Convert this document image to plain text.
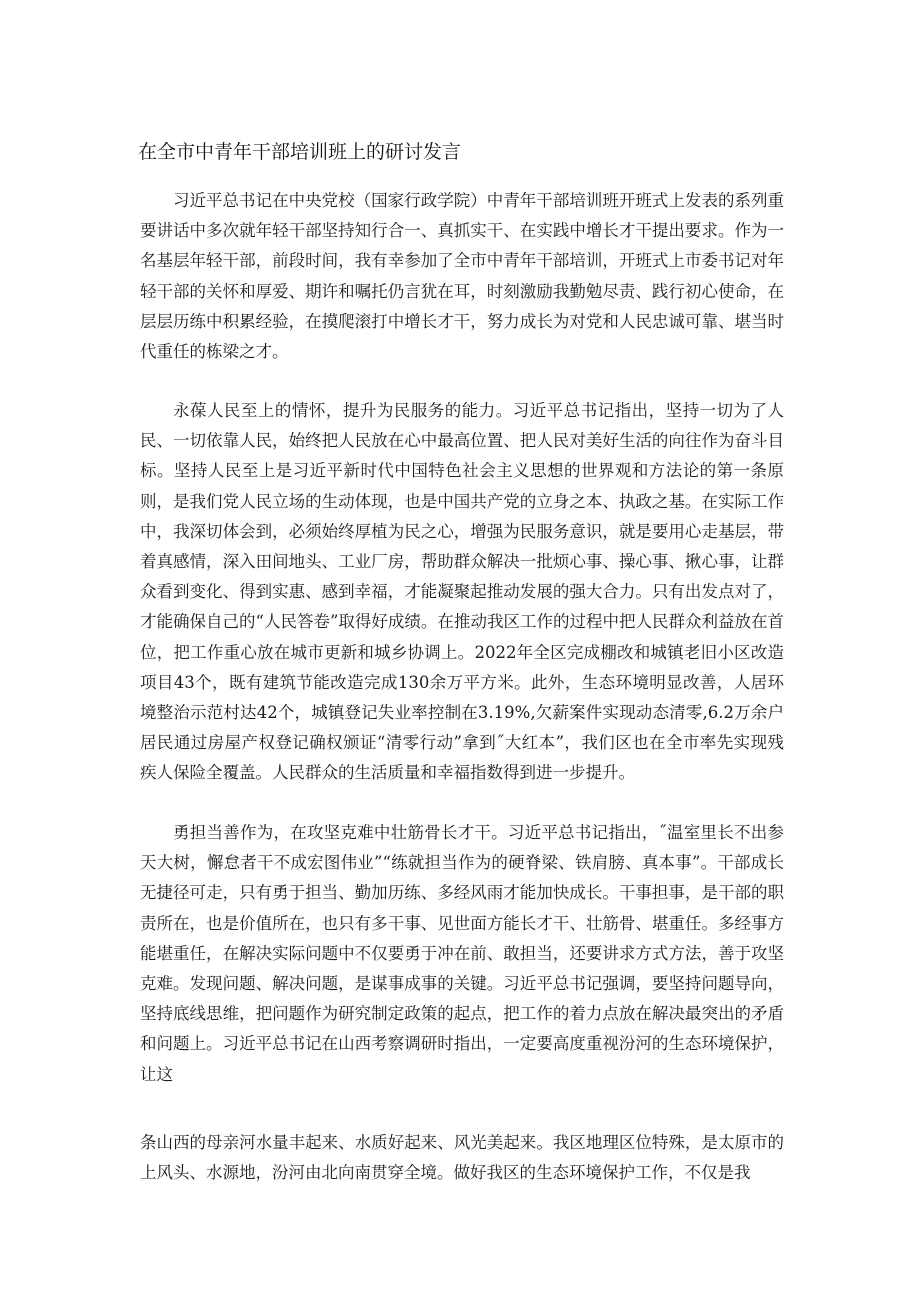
在全市中青年干部培训班上的研讨发言

习近平总书记在中央党校（国家行政学院）中青年干部培训班开班式上发表的系列重要讲话中多次就年轻干部坚持知行合一、真抓实干、在实践中增长才干提出要求。作为一名基层年轻干部，前段时间，我有幸参加了全市中青年干部培训，开班式上市委书记对年轻干部的关怀和厚爱、期许和嘱托仍言犹在耳，时刻激励我勤勉尽责、践行初心使命，在层层历练中积累经验，在摸爬滚打中增长才干，努力成长为对党和人民忠诚可靠、堪当时代重任的栋梁之才。

永葆人民至上的情怀，提升为民服务的能力。习近平总书记指出，坚持一切为了人民、一切依靠人民，始终把人民放在心中最高位置、把人民对美好生活的向往作为奋斗目标。坚持人民至上是习近平新时代中国特色社会主义思想的世界观和方法论的第一条原则，是我们党人民立场的生动体现，也是中国共产党的立身之本、执政之基。在实际工作中，我深切体会到，必须始终厚植为民之心，增强为民服务意识，就是要用心走基层，带着真感情，深入田间地头、工业厂房，帮助群众解决一批烦心事、操心事、揪心事，让群众看到变化、得到实惠、感到幸福，才能凝聚起推动发展的强大合力。只有出发点对了，才能确保自己的“人民答卷”取得好成绩。在推动我区工作的过程中把人民群众利益放在首位，把工作重心放在城市更新和城乡协调上。2022年全区完成棚改和城镇老旧小区改造项目43个，既有建筑节能改造完成130余万平方米。此外，生态环境明显改善，人居环境整治示范村达42个，城镇登记失业率控制在3.19%,欠薪案件实现动态清零,6.2万余户居民通过房屋产权登记确权颁证“清零行动”拿到˝大红本”，我们区也在全市率先实现残疾人保险全覆盖。人民群众的生活质量和幸福指数得到进一步提升。

勇担当善作为，在攻坚克难中壮筋骨长才干。习近平总书记指出，˝温室里长不出参天大树，懈怠者干不成宏图伟业”“练就担当作为的硬脊梁、铁肩膀、真本事”。干部成长无捷径可走，只有勇于担当、勤加历练、多经风雨才能加快成长。干事担事，是干部的职责所在，也是价值所在，也只有多干事、见世面方能长才干、壮筋骨、堪重任。多经事方能堪重任，在解决实际问题中不仅要勇于冲在前、敢担当，还要讲求方式方法，善于攻坚克难。发现问题、解决问题，是谋事成事的关键。习近平总书记强调，要坚持问题导向，坚持底线思维，把问题作为研究制定政策的起点，把工作的着力点放在解决最突出的矛盾和问题上。习近平总书记在山西考察调研时指出，一定要高度重视汾河的生态环境保护，让这

条山西的母亲河水量丰起来、水质好起来、风光美起来。我区地理区位特殊，是太原市的上风头、水源地，汾河由北向南贯穿全境。做好我区的生态环境保护工作，不仅是我
